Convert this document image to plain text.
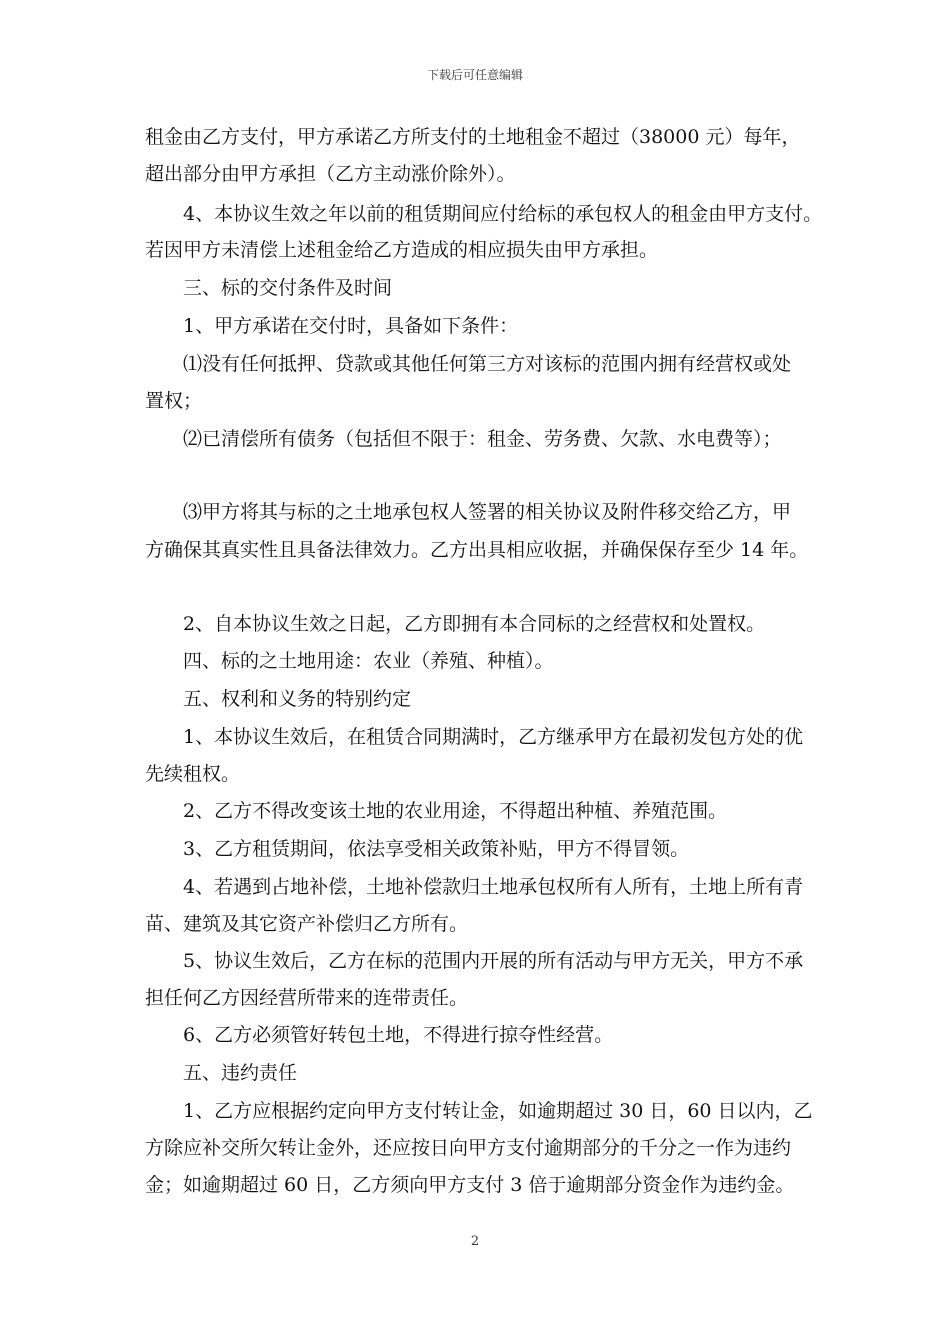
下载后可任意编辑
租金由乙方支付，甲方承诺乙方所支付的土地租金不超过（38000 元）每年，
超出部分由甲方承担（乙方主动涨价除外）。
4、本协议生效之年以前的租赁期间应付给标的承包权人的租金由甲方支付。
若因甲方未清偿上述租金给乙方造成的相应损失由甲方承担。
三、标的交付条件及时间
1、甲方承诺在交付时，具备如下条件：
⑴没有任何抵押、贷款或其他任何第三方对该标的范围内拥有经营权或处
置权；
⑵已清偿所有债务（包括但不限于：租金、劳务费、欠款、水电费等）；
⑶甲方将其与标的之土地承包权人签署的相关协议及附件移交给乙方，甲
方确保其真实性且具备法律效力。乙方出具相应收据，并确保保存至少 14 年。
2、自本协议生效之日起，乙方即拥有本合同标的之经营权和处置权。
四、标的之土地用途：农业（养殖、种植）。
五、权利和义务的特别约定
1、本协议生效后，在租赁合同期满时，乙方继承甲方在最初发包方处的优
先续租权。
2、乙方不得改变该土地的农业用途，不得超出种植、养殖范围。
3、乙方租赁期间，依法享受相关政策补贴，甲方不得冒领。
4、若遇到占地补偿，土地补偿款归土地承包权所有人所有，土地上所有青
苗、建筑及其它资产补偿归乙方所有。
5、协议生效后，乙方在标的范围内开展的所有活动与甲方无关，甲方不承
担任何乙方因经营所带来的连带责任。
6、乙方必须管好转包土地，不得进行掠夺性经营。
五、违约责任
1、乙方应根据约定向甲方支付转让金，如逾期超过 30 日，60 日以内，乙
方除应补交所欠转让金外，还应按日向甲方支付逾期部分的千分之一作为违约
金；如逾期超过 60 日，乙方须向甲方支付 3 倍于逾期部分资金作为违约金。
2
